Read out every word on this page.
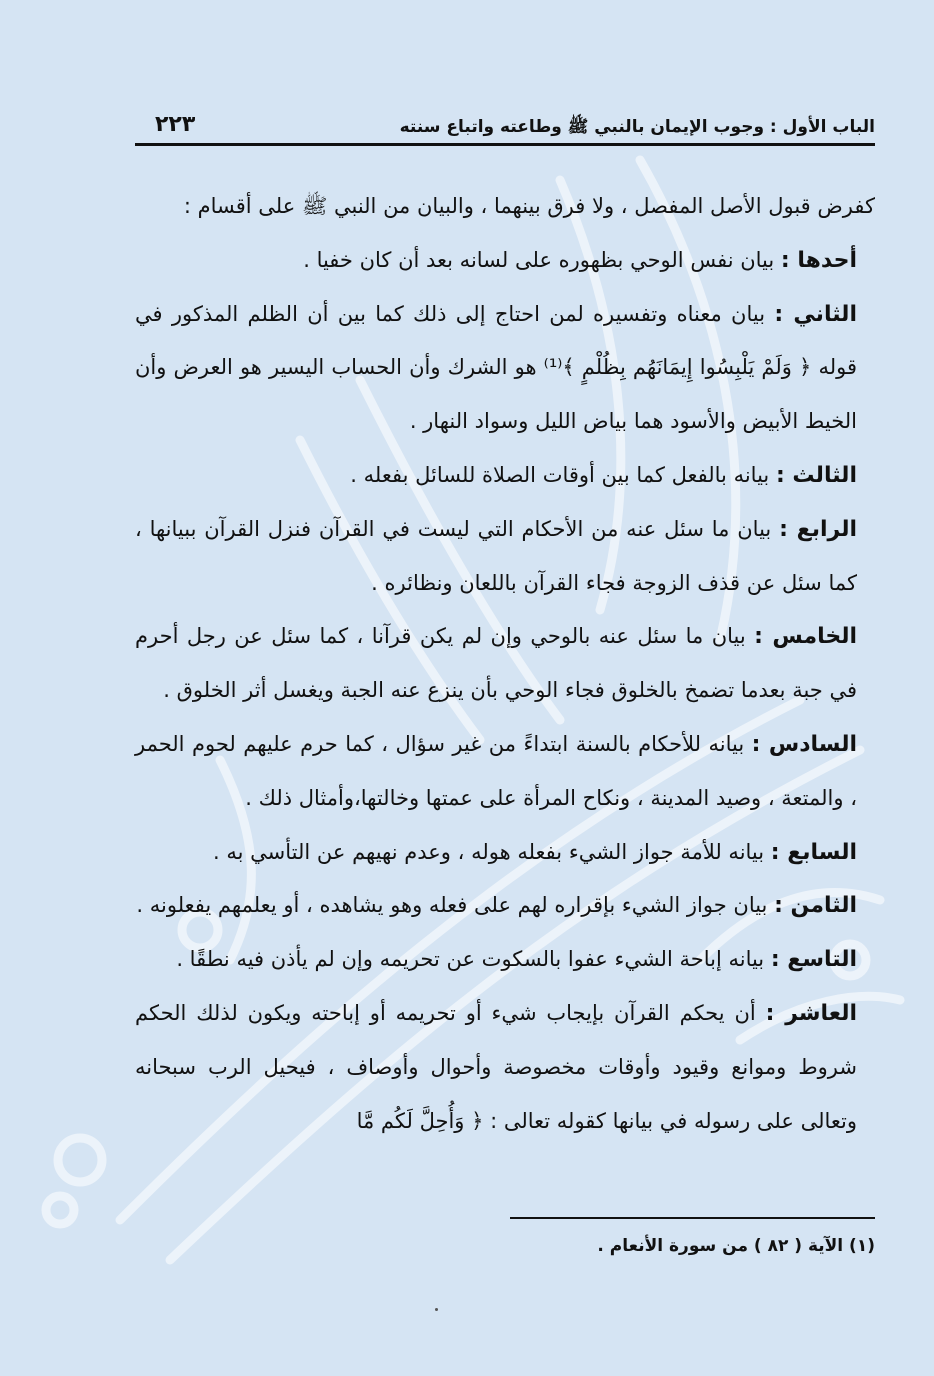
الباب الأول : وجوب الإيمان بالنبي ﷺ وطاعته واتباع سنته
٢٢٣

كفرض قبول الأصل المفصل ، ولا فرق بينهما ، والبيان من النبي ﷺ على أقسام :

أحدها : بيان نفس الوحي بظهوره على لسانه بعد أن كان خفيا .

الثاني : بيان معناه وتفسيره لمن احتاج إلى ذلك كما بين أن الظلم المذكور في قوله ﴿ وَلَمْ يَلْبِسُوا إِيمَانَهُم بِظُلْمٍ ﴾⁽¹⁾ هو الشرك وأن الحساب اليسير هو العرض وأن الخيط الأبيض والأسود هما بياض الليل وسواد النهار .

الثالث : بيانه بالفعل كما بين أوقات الصلاة للسائل بفعله .

الرابع : بيان ما سئل عنه من الأحكام التي ليست في القرآن فنزل القرآن ببيانها ، كما سئل عن قذف الزوجة فجاء القرآن باللعان ونظائره .

الخامس : بيان ما سئل عنه بالوحي وإن لم يكن قرآنا ، كما سئل عن رجل أحرم في جبة بعدما تضمخ بالخلوق فجاء الوحي بأن ينزع عنه الجبة ويغسل أثر الخلوق .

السادس : بيانه للأحكام بالسنة ابتداءً من غير سؤال ، كما حرم عليهم لحوم الحمر ، والمتعة ، وصيد المدينة ، ونكاح المرأة على عمتها وخالتها،وأمثال ذلك .

السابع : بيانه للأمة جواز الشيء بفعله هوله ، وعدم نهيهم عن التأسي به .

الثامن : بيان جواز الشيء بإقراره لهم على فعله وهو يشاهده ، أو يعلمهم يفعلونه .

التاسع : بيانه إباحة الشيء عفوا بالسكوت عن تحريمه وإن لم يأذن فيه نطقًا .

العاشر : أن يحكم القرآن بإيجاب شيء أو تحريمه أو إباحته ويكون لذلك الحكم شروط وموانع وقيود وأوقات مخصوصة وأحوال وأوصاف ، فيحيل الرب سبحانه وتعالى على رسوله في بيانها كقوله تعالى : ﴿ وَأُحِلَّ لَكُم مَّا

(١) الآية ( ٨٢ ) من سورة الأنعام .
